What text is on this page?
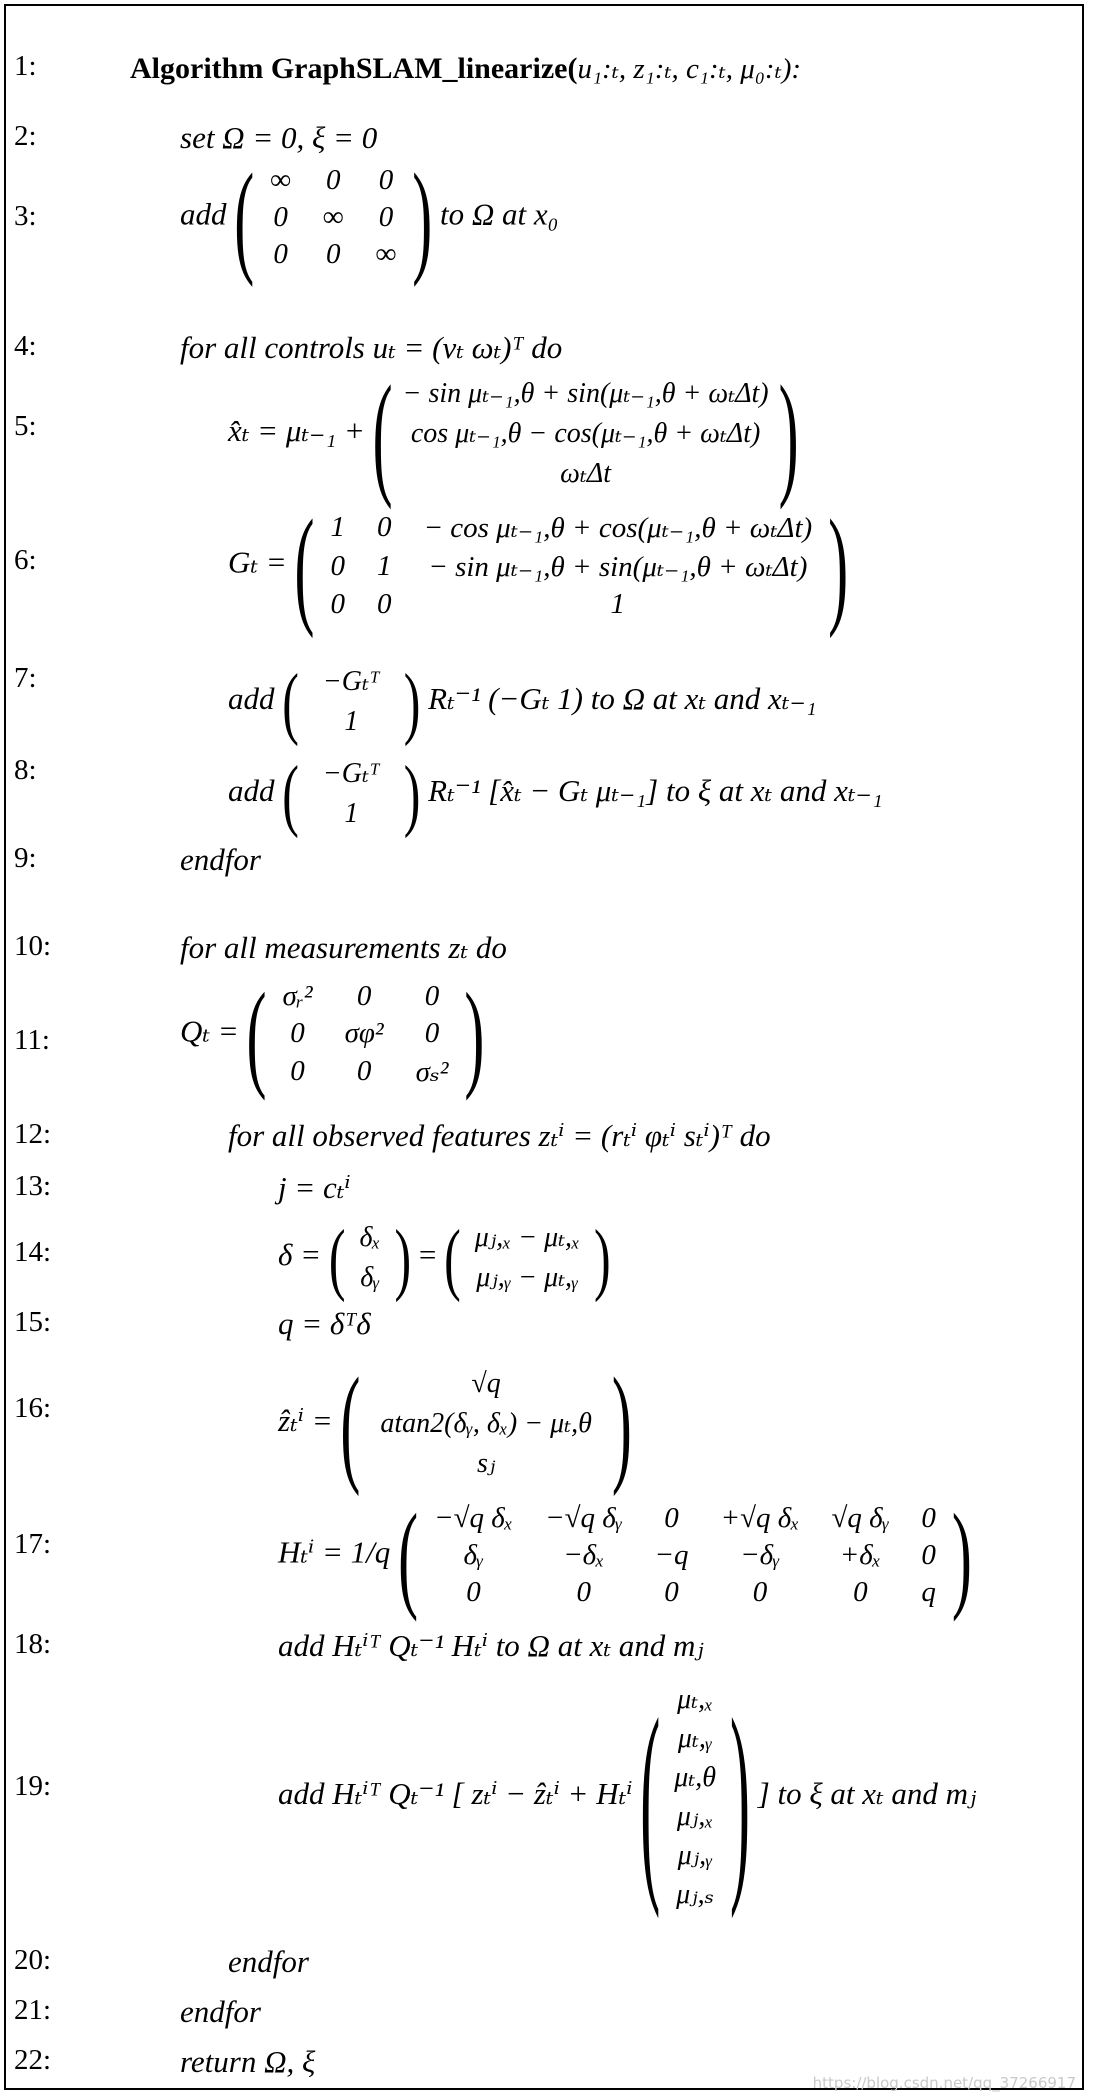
1:
2:
3:
4:
5:
6:
7:
8:
9:
10:
11:
12:
13:
14:
15:
16:
17:
18:
19:
20:
21:
22:
Algorithm GraphSLAM_linearize(u₁:ₜ, z₁:ₜ, c₁:ₜ, μ₀:ₜ):
set Ω = 0, ξ = 0
add ( ∞	0	0
0	∞	0
0	0	∞ ) to Ω at x₀
for all controls uₜ = (vₜ ωₜ)ᵀ do
x̂ₜ = μₜ₋₁ + ( − sin μₜ₋₁,θ + sin(μₜ₋₁,θ + ωₜΔt)
cos μₜ₋₁,θ − cos(μₜ₋₁,θ + ωₜΔt)
ωₜΔt	)
Gₜ = ( 1	0	− cos μₜ₋₁,θ + cos(μₜ₋₁,θ + ωₜΔt)
0	1	− sin μₜ₋₁,θ + sin(μₜ₋₁,θ + ωₜΔt)
0	0	1	)
add ( −Gₜᵀ
1 ) Rₜ⁻¹ (−Gₜ 1) to Ω at xₜ and xₜ₋₁
add ( −Gₜᵀ
1 ) Rₜ⁻¹ [x̂ₜ − Gₜ μₜ₋₁] to ξ at xₜ and xₜ₋₁
endfor
for all measurements zₜ do
Qₜ = ( σᵣ²	0	0
0	σφ²	0
0	0	σₛ² )
for all observed features zₜⁱ = (rₜⁱ φₜⁱ sₜⁱ)ᵀ do
j = cₜⁱ
δ = ( δₓ
δᵧ ) = ( μⱼ,ₓ − μₜ,ₓ
μⱼ,ᵧ − μₜ,ᵧ )
q = δᵀδ
ẑₜⁱ = (	√q
atan2(δᵧ, δₓ) − μₜ,θ
sⱼ )
Hₜⁱ = 1/q ( −√q δₓ	−√q δᵧ	0	+√q δₓ	√q δᵧ	0
δᵧ	−δₓ	−q	−δᵧ	+δₓ	0
0	0	0	0	0	q )
add Hₜⁱᵀ Qₜ⁻¹ Hₜⁱ to Ω at xₜ and mⱼ
add Hₜⁱᵀ Qₜ⁻¹ [ zₜⁱ − ẑₜⁱ + Hₜⁱ ( μₜ,ₓ
μₜ,ᵧ
μₜ,θ
μⱼ,ₓ
μⱼ,ᵧ
μⱼ,ₛ ) ] to ξ at xₜ and mⱼ
endfor
endfor
return Ω, ξ
https://blog.csdn.net/qq_37266917
